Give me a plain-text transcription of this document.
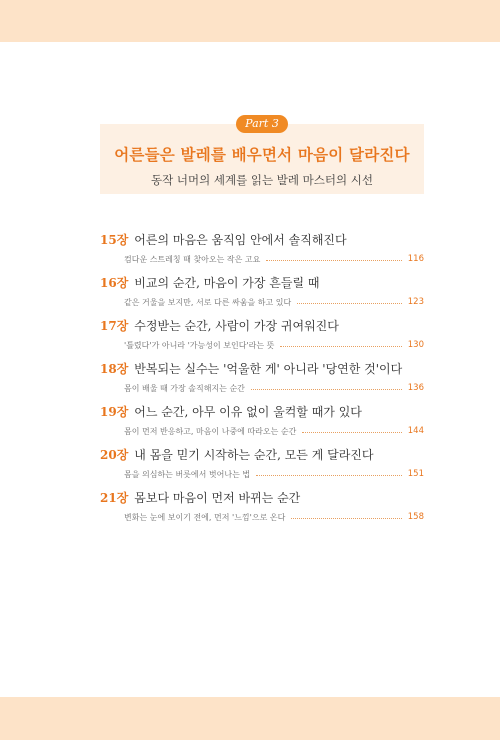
Part 3
어른들은 발레를 배우면서 마음이 달라진다
동작 너머의 세계를 읽는 발레 마스터의 시선
15장 어른의 마음은 움직임 안에서 솔직해진다
컴다운 스트레칭 때 찾아오는 작은 고요	116
16장 비교의 순간, 마음이 가장 흔들릴 때
같은 거울을 보지만, 서로 다른 싸움을 하고 있다	123
17장 수정받는 순간, 사람이 가장 귀여워진다
'틀렸다'가 아니라 '가능성이 보인다'라는 뜻	130
18장 반복되는 실수는 '억울한 게' 아니라 '당연한 것'이다
몸이 배울 때 가장 솔직해지는 순간	136
19장 어느 순간, 아무 이유 없이 울컥할 때가 있다
몸이 먼저 반응하고, 마음이 나중에 따라오는 순간	144
20장 내 몸을 믿기 시작하는 순간, 모든 게 달라진다
몸을 의심하는 버릇에서 벗어나는 법	151
21장 몸보다 마음이 먼저 바뀌는 순간
변화는 눈에 보이기 전에, 먼저 '느낌'으로 온다	158
